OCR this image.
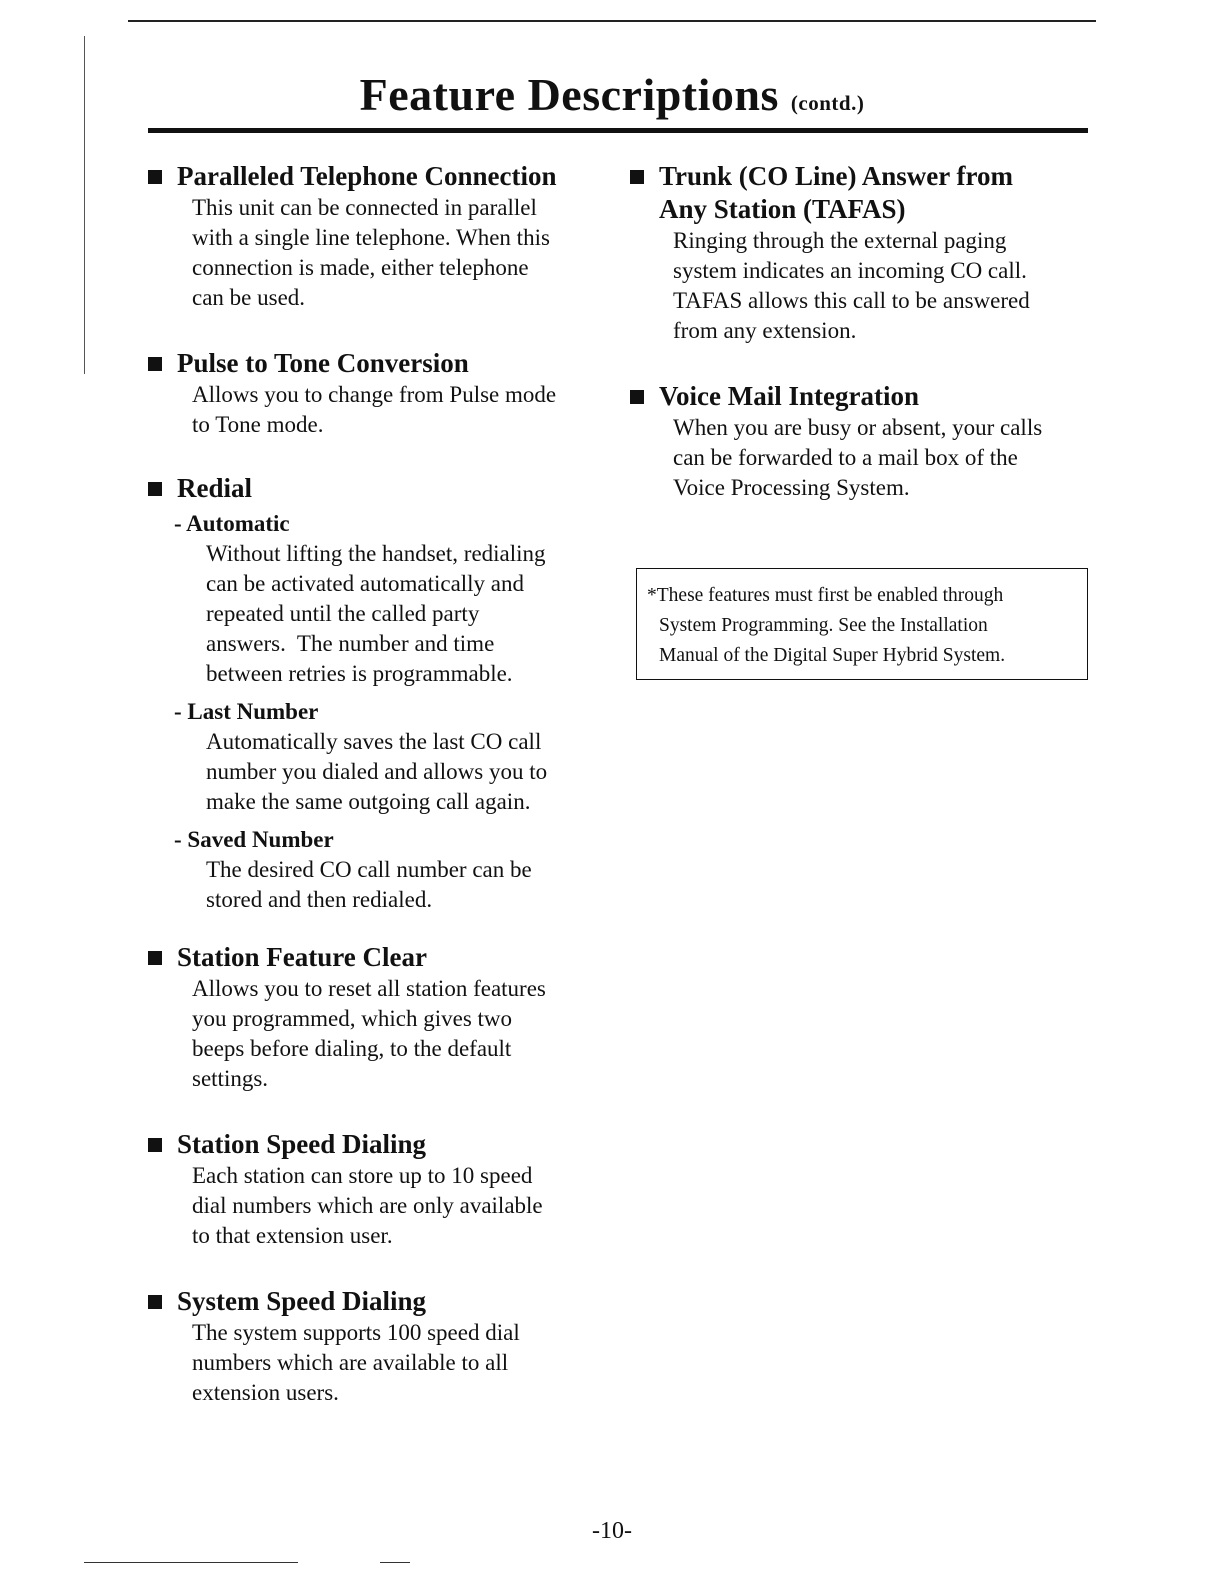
Feature Descriptions (contd.)
Paralleled Telephone Connection
This unit can be connected in parallel
with a single line telephone. When this
connection is made, either telephone
can be used.
Pulse to Tone Conversion
Allows you to change from Pulse mode
to Tone mode.
Redial
- Automatic
Without lifting the handset, redialing
can be activated automatically and
repeated until the called party
answers.  The number and time
between retries is programmable.
- Last Number
Automatically saves the last CO call
number you dialed and allows you to
make the same outgoing call again.
- Saved Number
The desired CO call number can be
stored and then redialed.
Station Feature Clear
Allows you to reset all station features
you programmed, which gives two
beeps before dialing, to the default
settings.
Station Speed Dialing
Each station can store up to 10 speed
dial numbers which are only available
to that extension user.
System Speed Dialing
The system supports 100 speed dial
numbers which are available to all
extension users.
Trunk (CO Line) Answer from
Any Station (TAFAS)
Ringing through the external paging
system indicates an incoming CO call.
TAFAS allows this call to be answered
from any extension.
Voice Mail Integration
When you are busy or absent, your calls
can be forwarded to a mail box of the
Voice Processing System.
*These features must first be enabled through
System Programming. See the Installation
Manual of the Digital Super Hybrid System.
-10-
